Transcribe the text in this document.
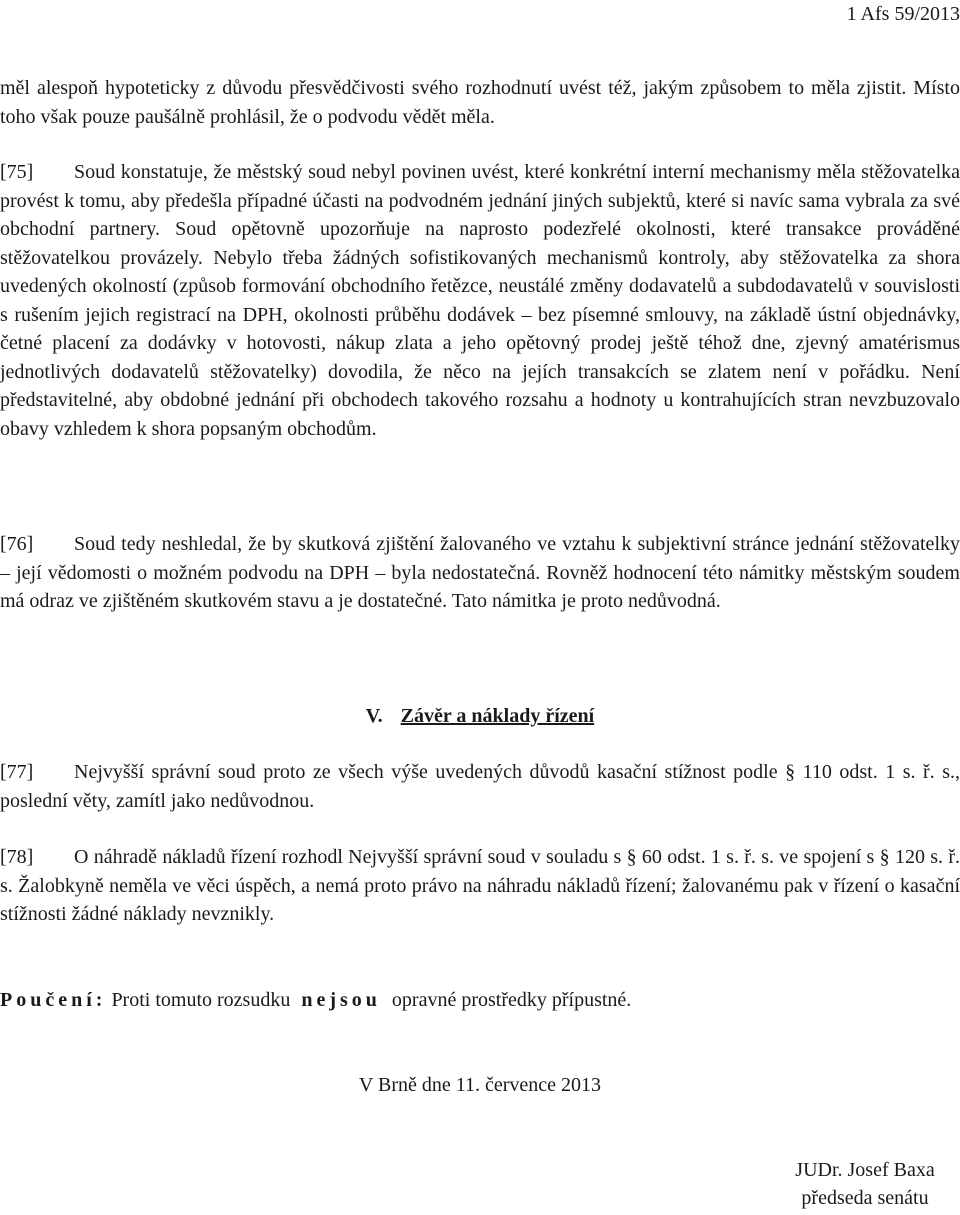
1 Afs 59/2013

měl alespoň hypoteticky z důvodu přesvědčivosti svého rozhodnutí uvést též, jakým způsobem to měla zjistit. Místo toho však pouze paušálně prohlásil, že o podvodu vědět měla.

[75] Soud konstatuje, že městský soud nebyl povinen uvést, které konkrétní interní mechanismy měla stěžovatelka provést k tomu, aby předešla případné účasti na podvodném jednání jiných subjektů, které si navíc sama vybrala za své obchodní partnery. Soud opětovně upozorňuje na naprosto podezřelé okolnosti, které transakce prováděné stěžovatelkou provázely. Nebylo třeba žádných sofistikovaných mechanismů kontroly, aby stěžovatelka za shora uvedených okolností (způsob formování obchodního řetězce, neustálé změny dodavatelů a subdodavatelů v souvislosti s rušením jejich registrací na DPH, okolnosti průběhu dodávek – bez písemné smlouvy, na základě ústní objednávky, četné placení za dodávky v hotovosti, nákup zlata a jeho opětovný prodej ještě téhož dne, zjevný amatérismus jednotlivých dodavatelů stěžovatelky) dovodila, že něco na jejích transakcích se zlatem není v pořádku. Není představitelné, aby obdobné jednání při obchodech takového rozsahu a hodnoty u kontrahujících stran nevzbuzovalo obavy vzhledem k shora popsaným obchodům.

[76] Soud tedy neshledal, že by skutková zjištění žalovaného ve vztahu k subjektivní stránce jednání stěžovatelky – její vědomosti o možném podvodu na DPH – byla nedostatečná. Rovněž hodnocení této námitky městským soudem má odraz ve zjištěném skutkovém stavu a je dostatečné. Tato námitka je proto nedůvodná.

V. Závěr a náklady řízení

[77] Nejvyšší správní soud proto ze všech výše uvedených důvodů kasační stížnost podle § 110 odst. 1 s. ř. s., poslední věty, zamítl jako nedůvodnou.

[78] O náhradě nákladů řízení rozhodl Nejvyšší správní soud v souladu s § 60 odst. 1 s. ř. s. ve spojení s § 120 s. ř. s. Žalobkyně neměla ve věci úspěch, a nemá proto právo na náhradu nákladů řízení; žalovanému pak v řízení o kasační stížnosti žádné náklady nevznikly.

Poučení: Proti tomuto rozsudku nejsou opravné prostředky přípustné.
V Brně dne 11. července 2013
JUDr. Josef Baxa
předseda senátu
